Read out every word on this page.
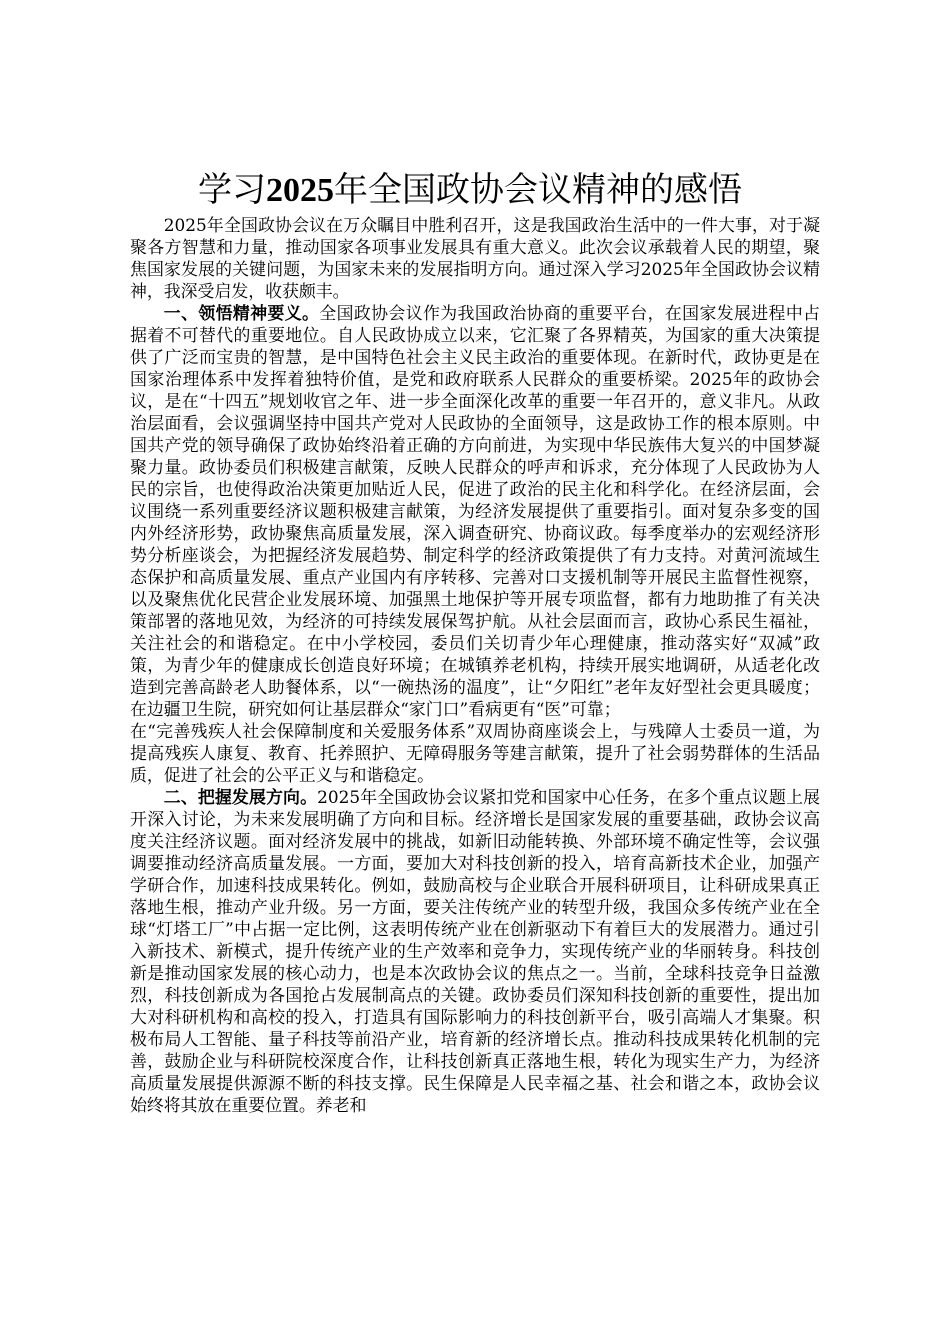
学习2025年全国政协会议精神的感悟

2025年全国政协会议在万众瞩目中胜利召开，这是我国政治生活中的一件大事，对于凝聚各方智慧和力量，推动国家各项事业发展具有重大意义。此次会议承载着人民的期望，聚焦国家发展的关键问题，为国家未来的发展指明方向。通过深入学习2025年全国政协会议精神，我深受启发，收获颇丰。

一、领悟精神要义。全国政协会议作为我国政治协商的重要平台，在国家发展进程中占据着不可替代的重要地位。自人民政协成立以来，它汇聚了各界精英，为国家的重大决策提供了广泛而宝贵的智慧，是中国特色社会主义民主政治的重要体现。在新时代，政协更是在国家治理体系中发挥着独特价值，是党和政府联系人民群众的重要桥梁。2025年的政协会议，是在“十四五”规划收官之年、进一步全面深化改革的重要一年召开的，意义非凡。从政治层面看，会议强调坚持中国共产党对人民政协的全面领导，这是政协工作的根本原则。中国共产党的领导确保了政协始终沿着正确的方向前进，为实现中华民族伟大复兴的中国梦凝聚力量。政协委员们积极建言献策，反映人民群众的呼声和诉求，充分体现了人民政协为人民的宗旨，也使得政治决策更加贴近人民，促进了政治的民主化和科学化。在经济层面，会议围绕一系列重要经济议题积极建言献策，为经济发展提供了重要指引。面对复杂多变的国内外经济形势，政协聚焦高质量发展，深入调查研究、协商议政。每季度举办的宏观经济形势分析座谈会，为把握经济发展趋势、制定科学的经济政策提供了有力支持。对黄河流域生态保护和高质量发展、重点产业国内有序转移、完善对口支援机制等开展民主监督性视察，以及聚焦优化民营企业发展环境、加强黑土地保护等开展专项监督，都有力地助推了有关决策部署的落地见效，为经济的可持续发展保驾护航。从社会层面而言，政协心系民生福祉，关注社会的和谐稳定。在中小学校园，委员们关切青少年心理健康，推动落实好“双减”政策，为青少年的健康成长创造良好环境；在城镇养老机构，持续开展实地调研，从适老化改造到完善高龄老人助餐体系，以“一碗热汤的温度”，让“夕阳红”老年友好型社会更具暖度；在边疆卫生院，研究如何让基层群众“家门口”看病更有“医”可靠；

在“完善残疾人社会保障制度和关爱服务体系”双周协商座谈会上，与残障人士委员一道，为提高残疾人康复、教育、托养照护、无障碍服务等建言献策，提升了社会弱势群体的生活品质，促进了社会的公平正义与和谐稳定。

二、把握发展方向。2025年全国政协会议紧扣党和国家中心任务，在多个重点议题上展开深入讨论，为未来发展明确了方向和目标。经济增长是国家发展的重要基础，政协会议高度关注经济议题。面对经济发展中的挑战，如新旧动能转换、外部环境不确定性等，会议强调要推动经济高质量发展。一方面，要加大对科技创新的投入，培育高新技术企业，加强产学研合作，加速科技成果转化。例如，鼓励高校与企业联合开展科研项目，让科研成果真正落地生根，推动产业升级。另一方面，要关注传统产业的转型升级，我国众多传统产业在全球“灯塔工厂”中占据一定比例，这表明传统产业在创新驱动下有着巨大的发展潜力。通过引入新技术、新模式，提升传统产业的生产效率和竞争力，实现传统产业的华丽转身。科技创新是推动国家发展的核心动力，也是本次政协会议的焦点之一。当前，全球科技竞争日益激烈，科技创新成为各国抢占发展制高点的关键。政协委员们深知科技创新的重要性，提出加大对科研机构和高校的投入，打造具有国际影响力的科技创新平台，吸引高端人才集聚。积极布局人工智能、量子科技等前沿产业，培育新的经济增长点。推动科技成果转化机制的完善，鼓励企业与科研院校深度合作，让科技创新真正落地生根，转化为现实生产力，为经济高质量发展提供源源不断的科技支撑。民生保障是人民幸福之基、社会和谐之本，政协会议始终将其放在重要位置。养老和
